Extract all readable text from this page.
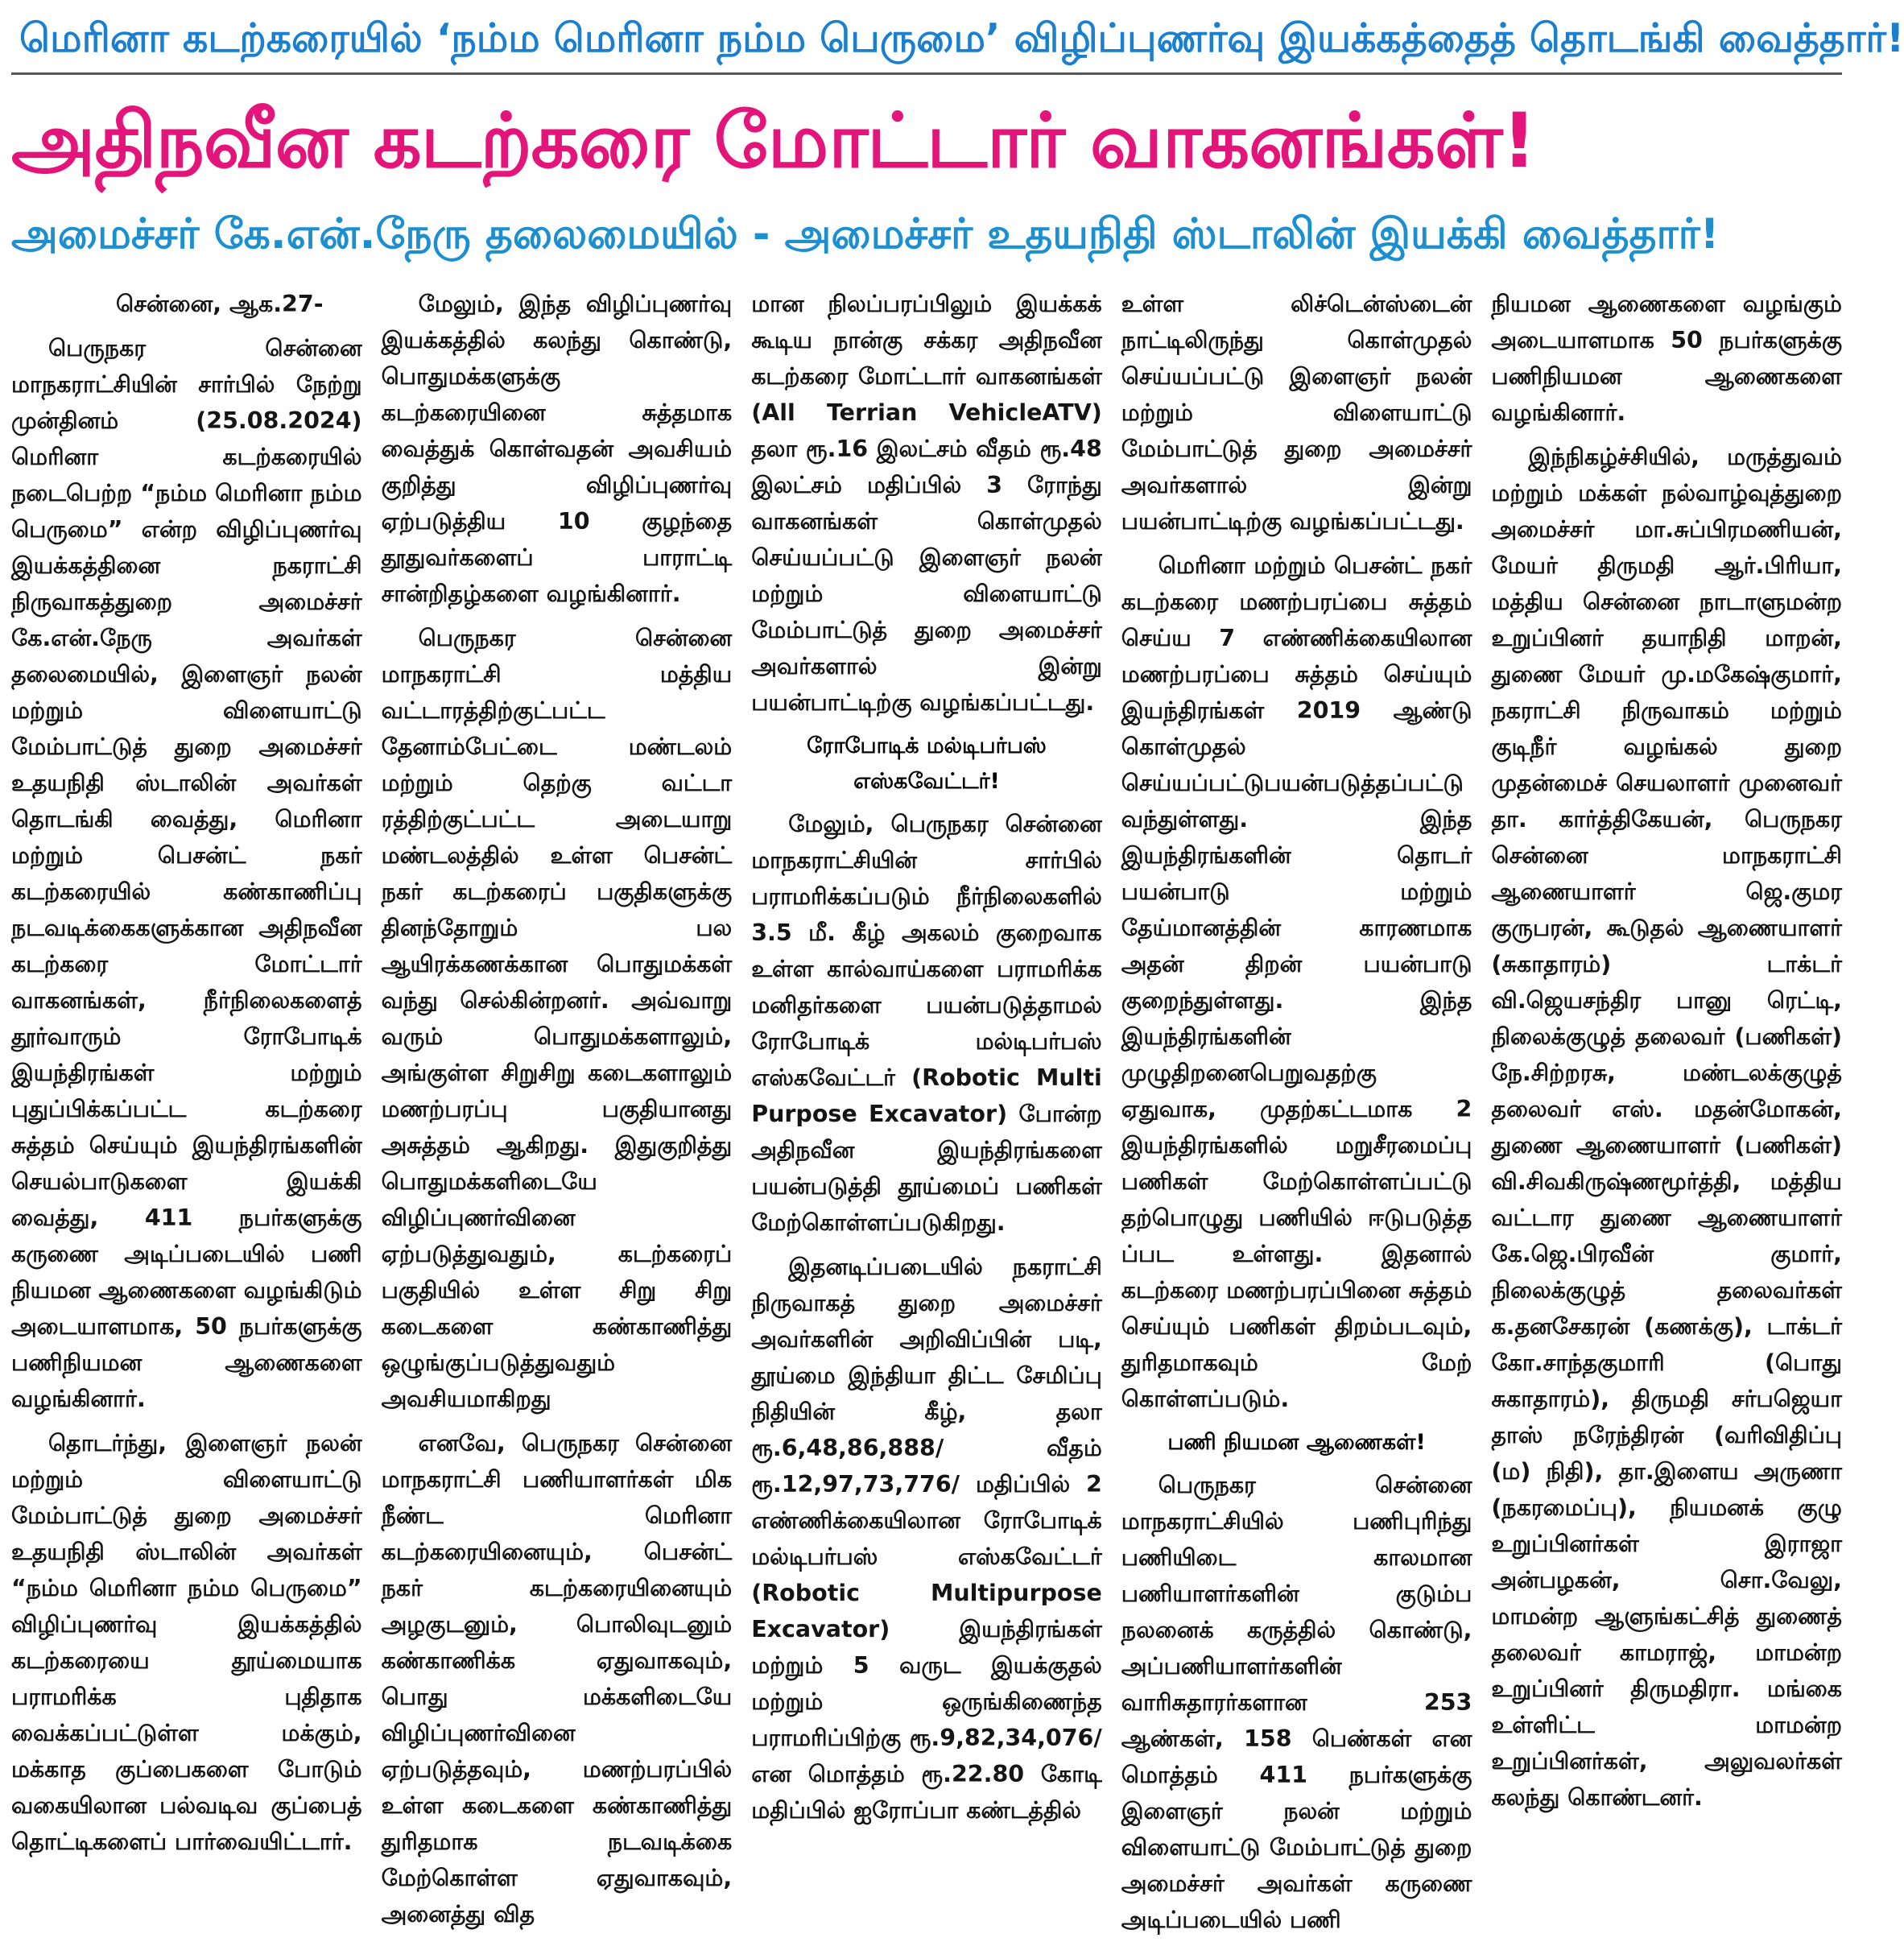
மெரினா கடற்கரையில் ‘நம்ம மெரினா நம்ம பெருமை’ விழிப்புணர்வு இயக்கத்தைத் தொடங்கி வைத்தார்!
அதிநவீன கடற்கரை மோட்டார் வாகனங்கள்!
அமைச்சர் கே.என்.நேரு தலைமையில் - அமைச்சர் உதயநிதி ஸ்டாலின் இயக்கி வைத்தார்!

சென்னை, ஆக.27-

பெருநகர சென்னை மாநகராட்சியின் சார்பில் நேற்று முன்தினம் (25.08.2024) மெரினா கடற்கரையில் நடைபெற்ற “நம்ம மெரினா நம்ம பெருமை” என்ற விழிப்புணர்வு இயக்கத்தினை நகராட்சி நிருவாகத்துறை அமைச்சர் கே.என்.நேரு அவர்கள் தலைமையில், இளைஞர் நலன் மற்றும் விளையாட்டு மேம்பாட்டுத் துறை அமைச்சர் உதயநிதி ஸ்டாலின் அவர்கள் தொடங்கி வைத்து, மெரினா மற்றும் பெசன்ட் நகர் கடற்கரையில் கண்காணிப்பு நடவடிக்கைகளுக்கான அதிநவீன கடற்கரை மோட்டார் வாகனங்கள், நீர்நிலைகளைத் தூர்வாரும் ரோபோடிக் இயந்திரங்கள் மற்றும் புதுப்பிக்கப்பட்ட கடற்கரை சுத்தம் செய்யும் இயந்திரங்களின் செயல்பாடுகளை இயக்கி வைத்து, 411 நபர்களுக்கு கருணை அடிப்படையில் பணி நியமன ஆணைகளை வழங்கிடும் அடையாளமாக, 50 நபர்களுக்கு பணிநியமன ஆணைகளை வழங்கினார்.

தொடர்ந்து, இளைஞர் நலன் மற்றும் விளையாட்டு மேம்பாட்டுத் துறை அமைச்சர் உதயநிதி ஸ்டாலின் அவர்கள் “நம்ம மெரினா நம்ம பெருமை” விழிப்புணர்வு இயக்கத்தில் கடற்கரையை தூய்மையாக பராமரிக்க புதிதாக வைக்கப்பட்டுள்ள மக்கும், மக்காத குப்பைகளை போடும் வகையிலான பல்வடிவ குப்பைத் தொட்டிகளைப் பார்வையிட்டார்.

மேலும், இந்த விழிப்புணர்வு இயக்கத்தில் கலந்து கொண்டு, பொதுமக்களுக்கு கடற்கரையினை சுத்தமாக வைத்துக் கொள்வதன் அவசியம் குறித்து விழிப்புணர்வு ஏற்படுத்திய 10 குழந்தை தூதுவர்களைப் பாராட்டி சான்றிதழ்களை வழங்கினார்.

பெருநகர சென்னை மாநகராட்சி மத்திய வட்டாரத்திற்குட்பட்ட தேனாம்பேட்டை மண்டலம் மற்றும் தெற்கு வட்டா ரத்திற்குட்பட்ட அடையாறு மண்டலத்தில் உள்ள பெசன்ட் நகர் கடற்கரைப் பகுதிகளுக்கு தினந்தோறும் பல ஆயிரக்கணக்கான பொதுமக்கள் வந்து செல்கின்றனர். அவ்வாறு வரும் பொதுமக்களாலும், அங்குள்ள சிறுசிறு கடைகளாலும் மணற்பரப்பு பகுதியானது அசுத்தம் ஆகிறது. இதுகுறித்து பொதுமக்களிடையே விழிப்புணர்வினை ஏற்படுத்துவதும், கடற்கரைப் பகுதியில் உள்ள சிறு சிறு கடைகளை கண்காணித்து ஒழுங்குப்படுத்துவதும் அவசியமாகிறது

எனவே, பெருநகர சென்னை மாநகராட்சி பணியாளர்கள் மிக நீண்ட மெரினா கடற்கரையினையும், பெசன்ட் நகர் கடற்கரையினையும் அழகுடனும், பொலிவுடனும் கண்காணிக்க ஏதுவாகவும், பொது மக்களிடையே விழிப்புணர்வினை ஏற்படுத்தவும், மணற்பரப்பில் உள்ள கடைகளை கண்காணித்து துரிதமாக நடவடிக்கை மேற்கொள்ள ஏதுவாகவும், அனைத்து வித

மான நிலப்பரப்பிலும் இயக்கக் கூடிய நான்கு சக்கர அதிநவீன கடற்கரை மோட்டார் வாகனங்கள் (All Terrian VehicleATV) தலா ரூ.16 இலட்சம் வீதம் ரூ.48 இலட்சம் மதிப்பில் 3 ரோந்து வாகனங்கள் கொள்முதல் செய்யப்பட்டு இளைஞர் நலன் மற்றும் விளையாட்டு மேம்பாட்டுத் துறை அமைச்சர் அவர்களால் இன்று பயன்பாட்டிற்கு வழங்கப்பட்டது.

ரோபோடிக் மல்டிபர்பஸ் எஸ்கவேட்டர்!

மேலும், பெருநகர சென்னை மாநகராட்சியின் சார்பில் பராமரிக்கப்படும் நீர்நிலைகளில் 3.5 மீ. கீழ் அகலம் குறைவாக உள்ள கால்வாய்களை பராமரிக்க மனிதர்களை பயன்படுத்தாமல் ரோபோடிக் மல்டிபர்பஸ் எஸ்கவேட்டர் (Robotic Multi Purpose Excavator) போன்ற அதிநவீன இயந்திரங்களை பயன்படுத்தி தூய்மைப் பணிகள் மேற்கொள்ளப்படுகிறது.

இதனடிப்படையில் நகராட்சி நிருவாகத் துறை அமைச்சர் அவர்களின் அறிவிப்பின் படி, தூய்மை இந்தியா திட்ட சேமிப்பு நிதியின் கீழ், தலா ரூ.6,48,86,888/ வீதம் ரூ.12,97,73,776/ மதிப்பில் 2 எண்ணிக்கையிலான ரோபோடிக் மல்டிபர்பஸ் எஸ்கவேட்டர் (Robotic Multipurpose Excavator) இயந்திரங்கள் மற்றும் 5 வருட இயக்குதல் மற்றும் ஒருங்கிணைந்த பராமரிப்பிற்கு ரூ.9,82,34,076/ என மொத்தம் ரூ.22.80 கோடி மதிப்பில் ஐரோப்பா கண்டத்தில்

உள்ள லிச்டென்ஸ்டைன் நாட்டிலிருந்து கொள்முதல் செய்யப்பட்டு இளைஞர் நலன் மற்றும் விளையாட்டு மேம்பாட்டுத் துறை அமைச்சர் அவர்களால் இன்று பயன்பாட்டிற்கு வழங்கப்பட்டது.

மெரினா மற்றும் பெசன்ட் நகர் கடற்கரை மணற்பரப்பை சுத்தம் செய்ய 7 எண்ணிக்கையிலான மணற்பரப்பை சுத்தம் செய்யும் இயந்திரங்கள் 2019 ஆண்டு கொள்முதல் செய்யப்பட்டுபயன்படுத்தப்பட்டு வந்துள்ளது. இந்த இயந்திரங்களின் தொடர் பயன்பாடு மற்றும் தேய்மானத்தின் காரணமாக அதன் திறன் பயன்பாடு குறைந்துள்ளது. இந்த இயந்திரங்களின் முழுதிறனைபெறுவதற்கு ஏதுவாக, முதற்கட்டமாக 2 இயந்திரங்களில் மறுசீரமைப்பு பணிகள் மேற்கொள்ளப்பட்டு தற்பொழுது பணியில் ஈடுபடுத்த ப்பட உள்ளது. இதனால் கடற்கரை மணற்பரப்பினை சுத்தம் செய்யும் பணிகள் திறம்படவும், துரிதமாகவும் மேற் கொள்ளப்படும்.

பணி நியமன ஆணைகள்!

பெருநகர சென்னை மாநகராட்சியில் பணிபுரிந்து பணியிடை காலமான பணியாளர்களின் குடும்ப நலனைக் கருத்தில் கொண்டு, அப்பணியாளர்களின் வாரிசுதாரர்களான 253 ஆண்கள், 158 பெண்கள் என மொத்தம் 411 நபர்களுக்கு இளைஞர் நலன் மற்றும் விளையாட்டு மேம்பாட்டுத் துறை அமைச்சர் அவர்கள் கருணை அடிப்படையில் பணி

நியமன ஆணைகளை வழங்கும் அடையாளமாக 50 நபர்களுக்கு பணிநியமன ஆணைகளை வழங்கினார்.

இந்நிகழ்ச்சியில், மருத்துவம் மற்றும் மக்கள் நல்வாழ்வுத்துறை அமைச்சர் மா.சுப்பிரமணியன், மேயர் திருமதி ஆர்.பிரியா, மத்திய சென்னை நாடாளுமன்ற உறுப்பினர் தயாநிதி மாறன், துணை மேயர் மு.மகேஷ்குமார், நகராட்சி நிருவாகம் மற்றும் குடிநீர் வழங்கல் துறை முதன்மைச் செயலாளர் முனைவர் தா. கார்த்திகேயன், பெருநகர சென்னை மாநகராட்சி ஆணையாளர் ஜெ.குமர குருபரன், கூடுதல் ஆணையாளர் (சுகாதாரம்) டாக்டர் வி.ஜெயசந்திர பானு ரெட்டி, நிலைக்குழுத் தலைவர் (பணிகள்) நே.சிற்றரசு, மண்டலக்குழுத் தலைவர் எஸ். மதன்மோகன், துணை ஆணையாளர் (பணிகள்) வி.சிவகிருஷ்ணமூர்த்தி, மத்திய வட்டார துணை ஆணையாளர் கே.ஜெ.பிரவீன் குமார், நிலைக்குழுத் தலைவர்கள் க.தனசேகரன் (கணக்கு), டாக்டர் கோ.சாந்தகுமாரி (பொது சுகாதாரம்), திருமதி சர்பஜெயா தாஸ் நரேந்திரன் (வரிவிதிப்பு (ம) நிதி), தா.இளைய அருணா (நகரமைப்பு), நியமனக் குழு உறுப்பினர்கள் இராஜா அன்பழகன், சொ.வேலு, மாமன்ற ஆளுங்கட்சித் துணைத் தலைவர் காமராஜ், மாமன்ற உறுப்பினர் திருமதிரா. மங்கை உள்ளிட்ட மாமன்ற உறுப்பினர்கள், அலுவலர்கள் கலந்து கொண்டனர்.
